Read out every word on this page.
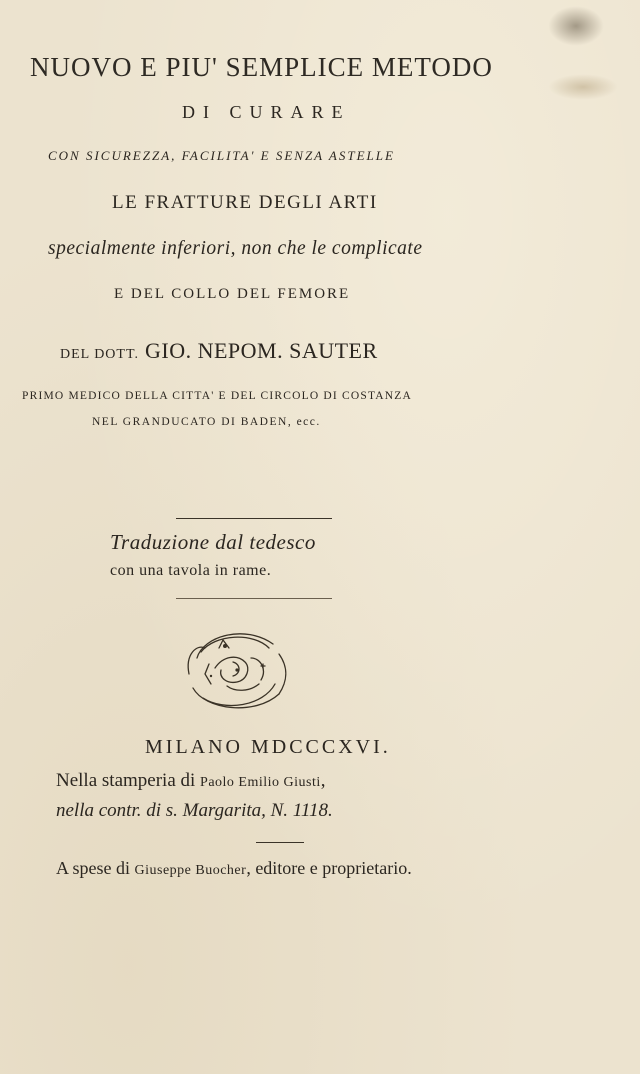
NUOVO E PIU' SEMPLICE METODO
DI CURARE
CON SICUREZZA, FACILITA' E SENZA ASTELLE
LE FRATTURE DEGLI ARTI
specialmente inferiori, non che le complicate
E DEL COLLO DEL FEMORE
DEL DOTT. GIO. NEPOM. SAUTER
PRIMO MEDICO DELLA CITTA' E DEL CIRCOLO DI COSTANZA
NEL GRANDUCATO DI BADEN, ecc.
Traduzione dal tedesco
con una tavola in rame.
MILANO MDCCCXVI.
Nella stamperia di Paolo Emilio Giusti,
nella contr. di s. Margarita, N. 1118.
A spese di Giuseppe Buocher, editore e proprietario.
